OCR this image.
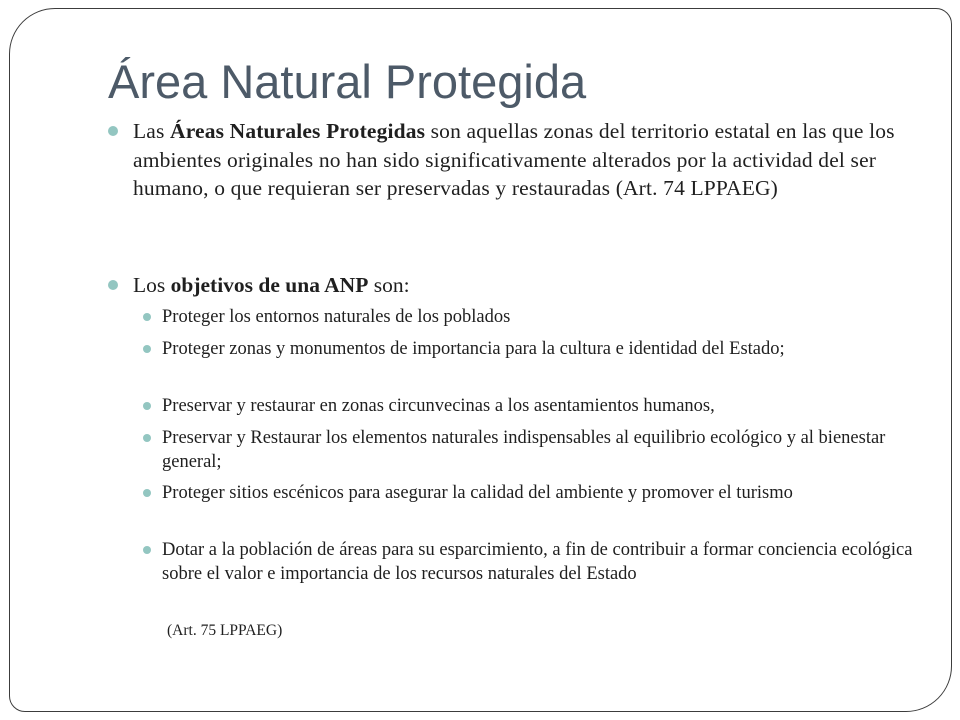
Área Natural Protegida

Las Áreas Naturales Protegidas son aquellas zonas del territorio estatal en las que los ambientes originales no han sido significativamente alterados por la actividad del ser humano, o que requieran ser preservadas y restauradas (Art. 74 LPPAEG)

Los objetivos de una ANP son:

Proteger los entornos naturales de los poblados

Proteger zonas y monumentos de importancia para la cultura e identidad del Estado;

Preservar y restaurar en zonas circunvecinas a los asentamientos humanos,

Preservar y Restaurar los elementos naturales indispensables al equilibrio ecológico y al bienestar general;

Proteger sitios escénicos para asegurar la calidad del ambiente y promover el turismo

Dotar a la población de áreas para su esparcimiento, a fin de contribuir a formar conciencia ecológica sobre el valor e importancia de los recursos naturales del Estado

(Art. 75 LPPAEG)
